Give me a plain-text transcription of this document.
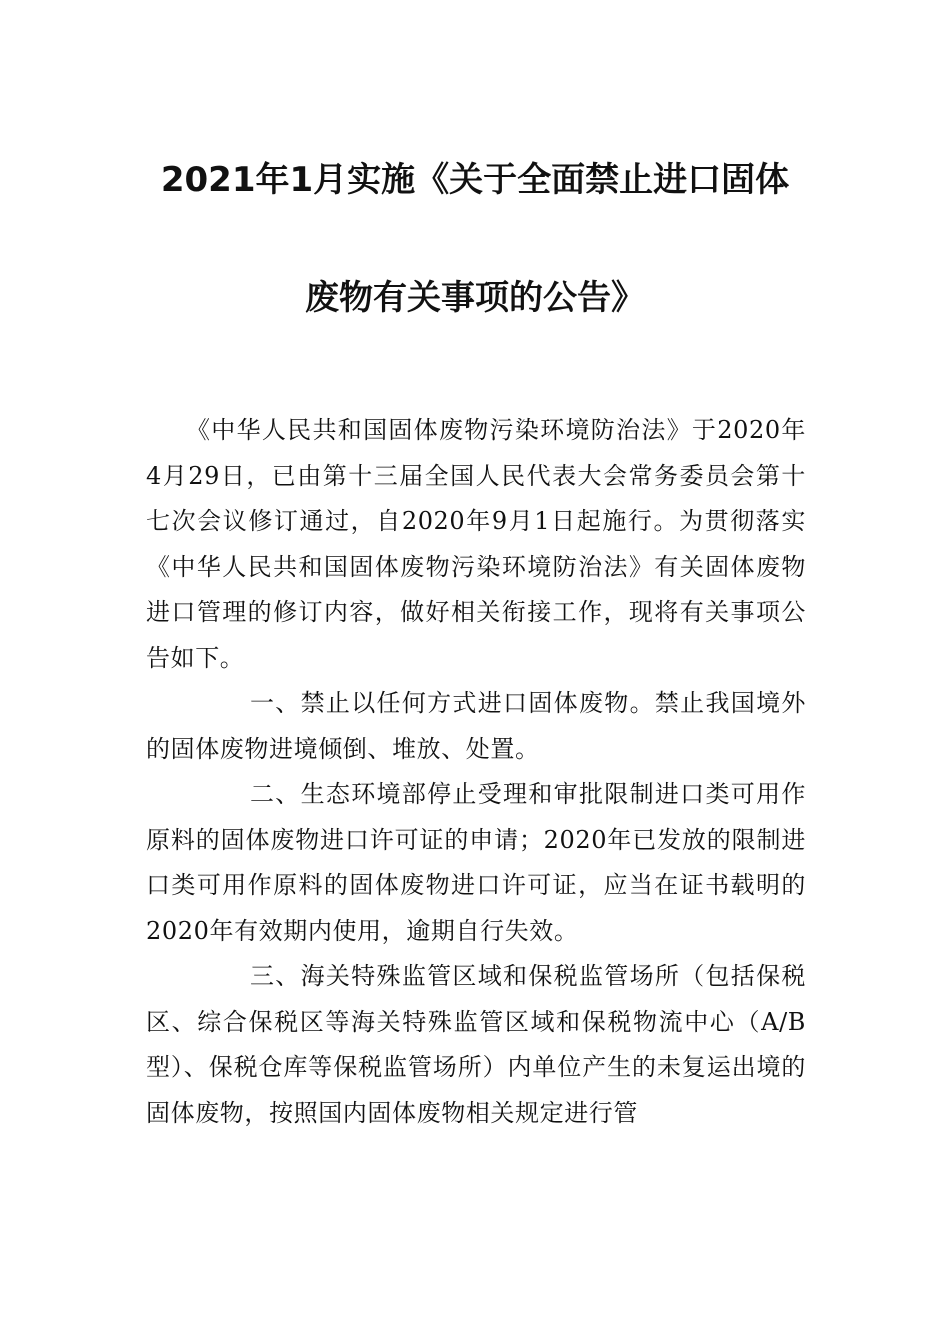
2021年1月实施《关于全面禁止进口固体
废物有关事项的公告》

《中华人民共和国固体废物污染环境防治法》于2020年4月29日，已由第十三届全国人民代表大会常务委员会第十七次会议修订通过，自2020年9月1日起施行。为贯彻落实《中华人民共和国固体废物污染环境防治法》有关固体废物进口管理的修订内容，做好相关衔接工作，现将有关事项公告如下。

一、禁止以任何方式进口固体废物。禁止我国境外的固体废物进境倾倒、堆放、处置。

二、生态环境部停止受理和审批限制进口类可用作原料的固体废物进口许可证的申请；2020年已发放的限制进口类可用作原料的固体废物进口许可证，应当在证书载明的2020年有效期内使用，逾期自行失效。

三、海关特殊监管区域和保税监管场所（包括保税区、综合保税区等海关特殊监管区域和保税物流中心（A/B型）、保税仓库等保税监管场所）内单位产生的未复运出境的固体废物，按照国内固体废物相关规定进行管
